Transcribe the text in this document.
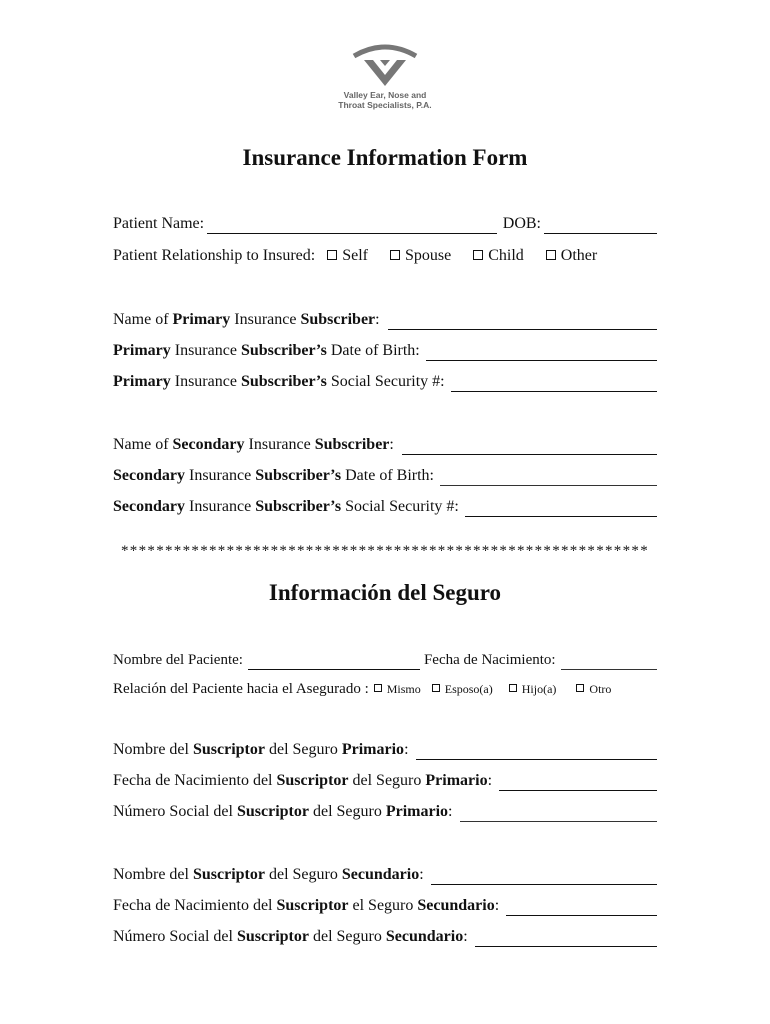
Valley Ear, Nose and
Throat Specialists, P.A.
Insurance Information Form
Patient Name:	DOB:
Patient Relationship to Insured: Self Spouse Child Other
Name of
Primary
Insurance
Subscriber :
Primary
Insurance
Subscriber’s
Date of Birth:
Primary
Insurance
Subscriber’s
Social Security #:
Name of
Secondary
Insurance
Subscriber :
Secondary
Insurance
Subscriber’s
Date of Birth:
Secondary
Insurance
Subscriber’s
Social Security #:
************************************************************
Información del Seguro
Nombre del Paciente:	Fecha de Nacimiento:
Relación del Paciente hacia el Asegurado : Mismo Esposo(a) Hijo(a)	Otro
Nombre del
Suscriptor
del Seguro
Primario :
Fecha de Nacimiento del
Suscriptor
del Seguro
Primario :
Número Social del
Suscriptor
del Seguro
Primario :
Nombre del
Suscriptor
del Seguro
Secundario :
Fecha de Nacimiento del
Suscriptor
el Seguro
Secundario :
Número Social del
Suscriptor
del Seguro
Secundario :
